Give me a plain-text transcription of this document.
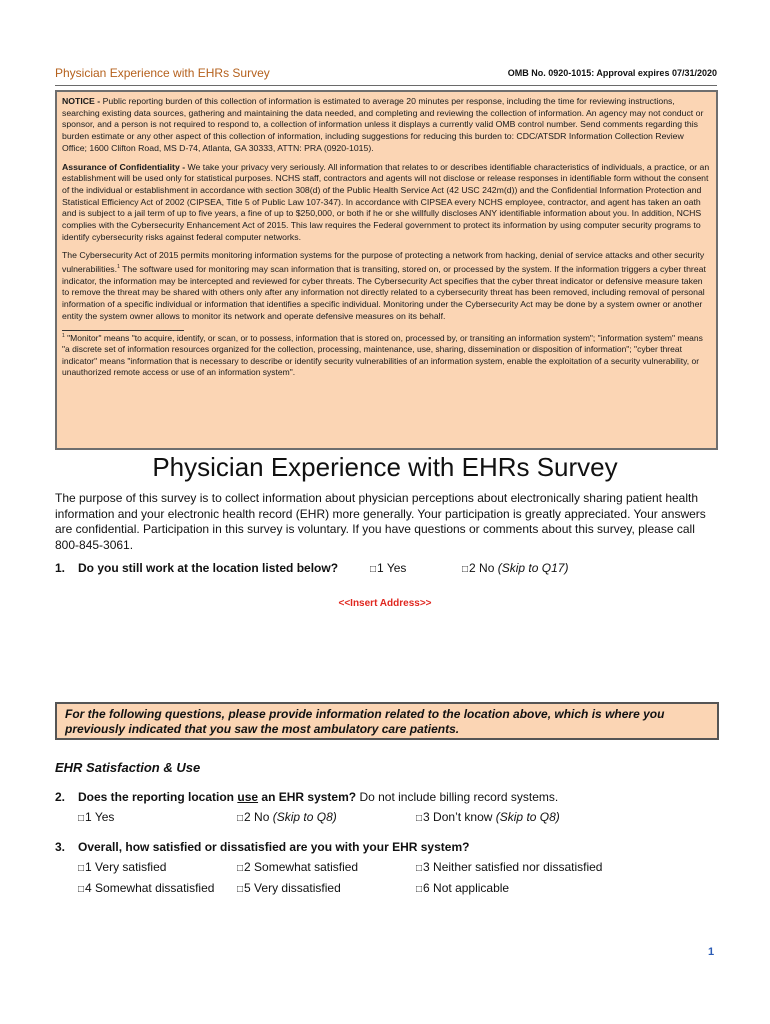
Physician Experience with EHRs Survey	OMB No. 0920-1015: Approval expires 07/31/2020

NOTICE - Public reporting burden of this collection of information is estimated to average 20 minutes per response, including the time for reviewing instructions, searching existing data sources, gathering and maintaining the data needed, and completing and reviewing the collection of information. An agency may not conduct or sponsor, and a person is not required to respond to, a collection of information unless it displays a currently valid OMB control number. Send comments regarding this burden estimate or any other aspect of this collection of information, including suggestions for reducing this burden to: CDC/ATSDR Information Collection Review Office; 1600 Clifton Road, MS D-74, Atlanta, GA 30333, ATTN: PRA (0920-1015).

Assurance of Confidentiality - We take your privacy very seriously. All information that relates to or describes identifiable characteristics of individuals, a practice, or an establishment will be used only for statistical purposes. NCHS staff, contractors and agents will not disclose or release responses in identifiable form without the consent of the individual or establishment in accordance with section 308(d) of the Public Health Service Act (42 USC 242m(d)) and the Confidential Information Protection and Statistical Efficiency Act of 2002 (CIPSEA, Title 5 of Public Law 107-347). In accordance with CIPSEA every NCHS employee, contractor, and agent has taken an oath and is subject to a jail term of up to five years, a fine of up to $250,000, or both if he or she willfully discloses ANY identifiable information about you. In addition, NCHS complies with the Cybersecurity Enhancement Act of 2015. This law requires the Federal government to protect its information by using computer security programs to identify cybersecurity risks against federal computer networks.

The Cybersecurity Act of 2015 permits monitoring information systems for the purpose of protecting a network from hacking, denial of service attacks and other security vulnerabilities.$^1$ The software used for monitoring may scan information that is transiting, stored on, or processed by the system. If the information triggers a cyber threat indicator, the information may be intercepted and reviewed for cyber threats. The Cybersecurity Act specifies that the cyber threat indicator or defensive measure taken to remove the threat may be shared with others only after any information not directly related to a cybersecurity threat has been removed, including removal of personal information of a specific individual or information that identifies a specific individual. Monitoring under the Cybersecurity Act may be done by a system owner or another entity the system owner allows to monitor its network and operate defensive measures on its behalf.

$^1$ "Monitor" means "to acquire, identify, or scan, or to possess, information that is stored on, processed by, or transiting an information system"; "information system" means "a discrete set of information resources organized for the collection, processing, maintenance, use, sharing, dissemination or disposition of information"; "cyber threat indicator" means "information that is necessary to describe or identify security vulnerabilities of an information system, enable the exploitation of a security vulnerability, or unauthorized remote access or use of an information system".
Physician Experience with EHRs Survey
The purpose of this survey is to collect information about physician perceptions about electronically sharing patient health information and your electronic health record (EHR) more generally. Your participation is greatly appreciated. Your answers are confidential. Participation in this survey is voluntary. If you have questions or comments about this survey, please call 800-845-3061.
1. Do you still work at the location listed below?	□1 Yes	□2 No (Skip to Q17)
<<Insert Address>>
For the following questions, please provide information related to the location above, which is where you previously indicated that you saw the most ambulatory care patients.
EHR Satisfaction & Use
2. Does the reporting location use an EHR system? Do not include billing record systems.
□1 Yes	□2 No (Skip to Q8)	□3 Don’t know (Skip to Q8)
3. Overall, how satisfied or dissatisfied are you with your EHR system?
□1 Very satisfied	□2 Somewhat satisfied	□3 Neither satisfied nor dissatisfied
□4 Somewhat dissatisfied □5 Very dissatisfied	□6 Not applicable
1
